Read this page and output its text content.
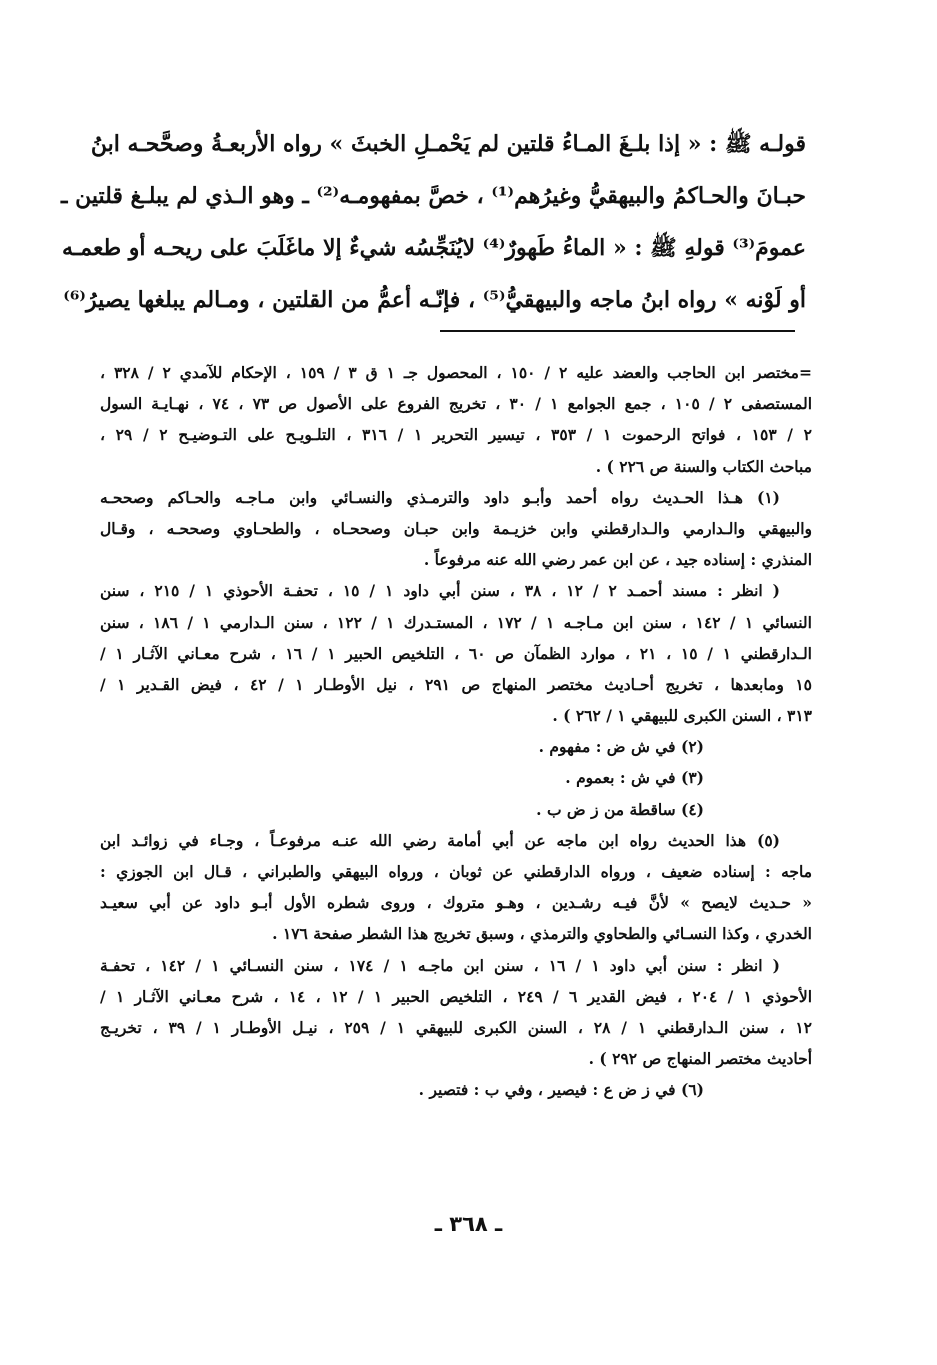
قولـه ﷺ : « إذا بلـغَ المـاءُ قلتين لم يَحْمـلِ الخبثَ » رواه الأربعـةُ وصحَّحـه ابنُ
حبـانَ والحـاكمُ والبيهقيُّ وغيرُهم⁽¹⁾ ، خصَّ بمفهومـه⁽²⁾ ـ وهو الـذي لم يبلـغ قلتين ـ
عمومَ⁽³⁾ قولهِ ﷺ : « الماءُ طَهورٌ⁽⁴⁾ لايُنَجِّسُه شيءٌ إلا ماغَلَبَ على ريحـه أو طعمـه
أو لَوْنه » رواه ابنُ ماجه والبيهقيُّ⁽⁵⁾ ، فإنّـه أعمُّ من القلتين ، ومـالم يبلغها يصيرُ⁽⁶⁾
=مختصر ابن الحاجب والعضد عليه ٢ / ١٥٠ ، المحصول جـ ١ ق ٣ / ١٥٩ ، الإحكام للآمدي ٢ / ٣٢٨ ،
المستصفى ٢ / ١٠٥ ، جمع الجوامع ١ / ٣٠ ، تخريج الفروع على الأصول ص ٧٣ ، ٧٤ ، نهـايـة السول
٢ / ١٥٣ ، فواتح الرحموت ١ / ٣٥٣ ، تيسير التحرير ١ / ٣١٦ ، التلـويـح على التـوضيـح ٢ / ٢٩ ،
مباحث الكتاب والسنة ص ٢٢٦ ) .
(١) هـذا الحـديث رواه أحمد وأبـو داود والترمـذي والنسـائي وابن مـاجـه والحـاكم وصححـه
والبيهقي والـدارمي والـدارقطني وابن خزيـمة وابن حبـان وصححـاه ، والطحـاوي وصححـه ، وقـال
المنذري : إسناده جيد ، عن ابن عمر رضي الله عنه مرفوعاً .
( انظر : مسند أحمـد ٢ / ١٢ ، ٣٨ ، سنن أبي داود ١ / ١٥ ، تحفـة الأحوذي ١ / ٢١٥ ، سنن
النسائي ١ / ١٤٢ ، سنن ابن مـاجـه ١ / ١٧٢ ، المستـدرك ١ / ١٢٢ ، سنن الـدارمي ١ / ١٨٦ ، سنن
الـدارقطني ١ / ١٥ ، ٢١ ، موارد الظمآن ص ٦٠ ، التلخيص الحبير ١ / ١٦ ، شرح معـاني الآثـار ١ /
١٥ ومابعدها ، تخريج أحـاديث مختصر المنهاج ص ٢٩١ ، نيل الأوطـار ١ / ٤٢ ، فيض القـدير ١ /
٣١٣ ، السنن الكبرى للبيهقي ١ / ٢٦٢ ) .
(٢) في ش ض : مفهوم .
(٣) في ش : بعموم .
(٤) ساقطة من ز ض ب .
(٥) هذا الحديث رواه ابن ماجه عن أبي أمامة رضي الله عنـه مرفوعـاً ، وجـاء في زوائـد ابن
ماجه : إسناده ضعيف ، ورواه الدارقطني عن ثوبان ، ورواه البيهقي والطبراني ، قـال ابن الجوزي :
« حـديث لايصح » لأنَّ فيـه رشـدين ، وهـو متروك ، وروى شطره الأول أبـو داود عن أبي سعيـد
الخدري ، وكذا النسـائي والطحاوي والترمذي ، وسبق تخريج هذا الشطر صفحة ١٧٦ .
( انظر : سنن أبي داود ١ / ١٦ ، سنن ابن ماجـه ١ / ١٧٤ ، سنن النسـائي ١ / ١٤٢ ، تحفـة
الأحوذي ١ / ٢٠٤ ، فيض القدير ٦ / ٢٤٩ ، التلخيص الحبير ١ / ١٢ ، ١٤ ، شرح معـاني الآثـار ١ /
١٢ ، سنن الـدارقطني ١ / ٢٨ ، السنن الكبرى للبيهقي ١ / ٢٥٩ ، نيـل الأوطـار ١ / ٣٩ ، تخريـج
أحاديث مختصر المنهاج ص ٢٩٢ ) .
(٦) في ز ض ع : فيصير ، وفي ب : فتصير .
ـ ٣٦٨ ـ
